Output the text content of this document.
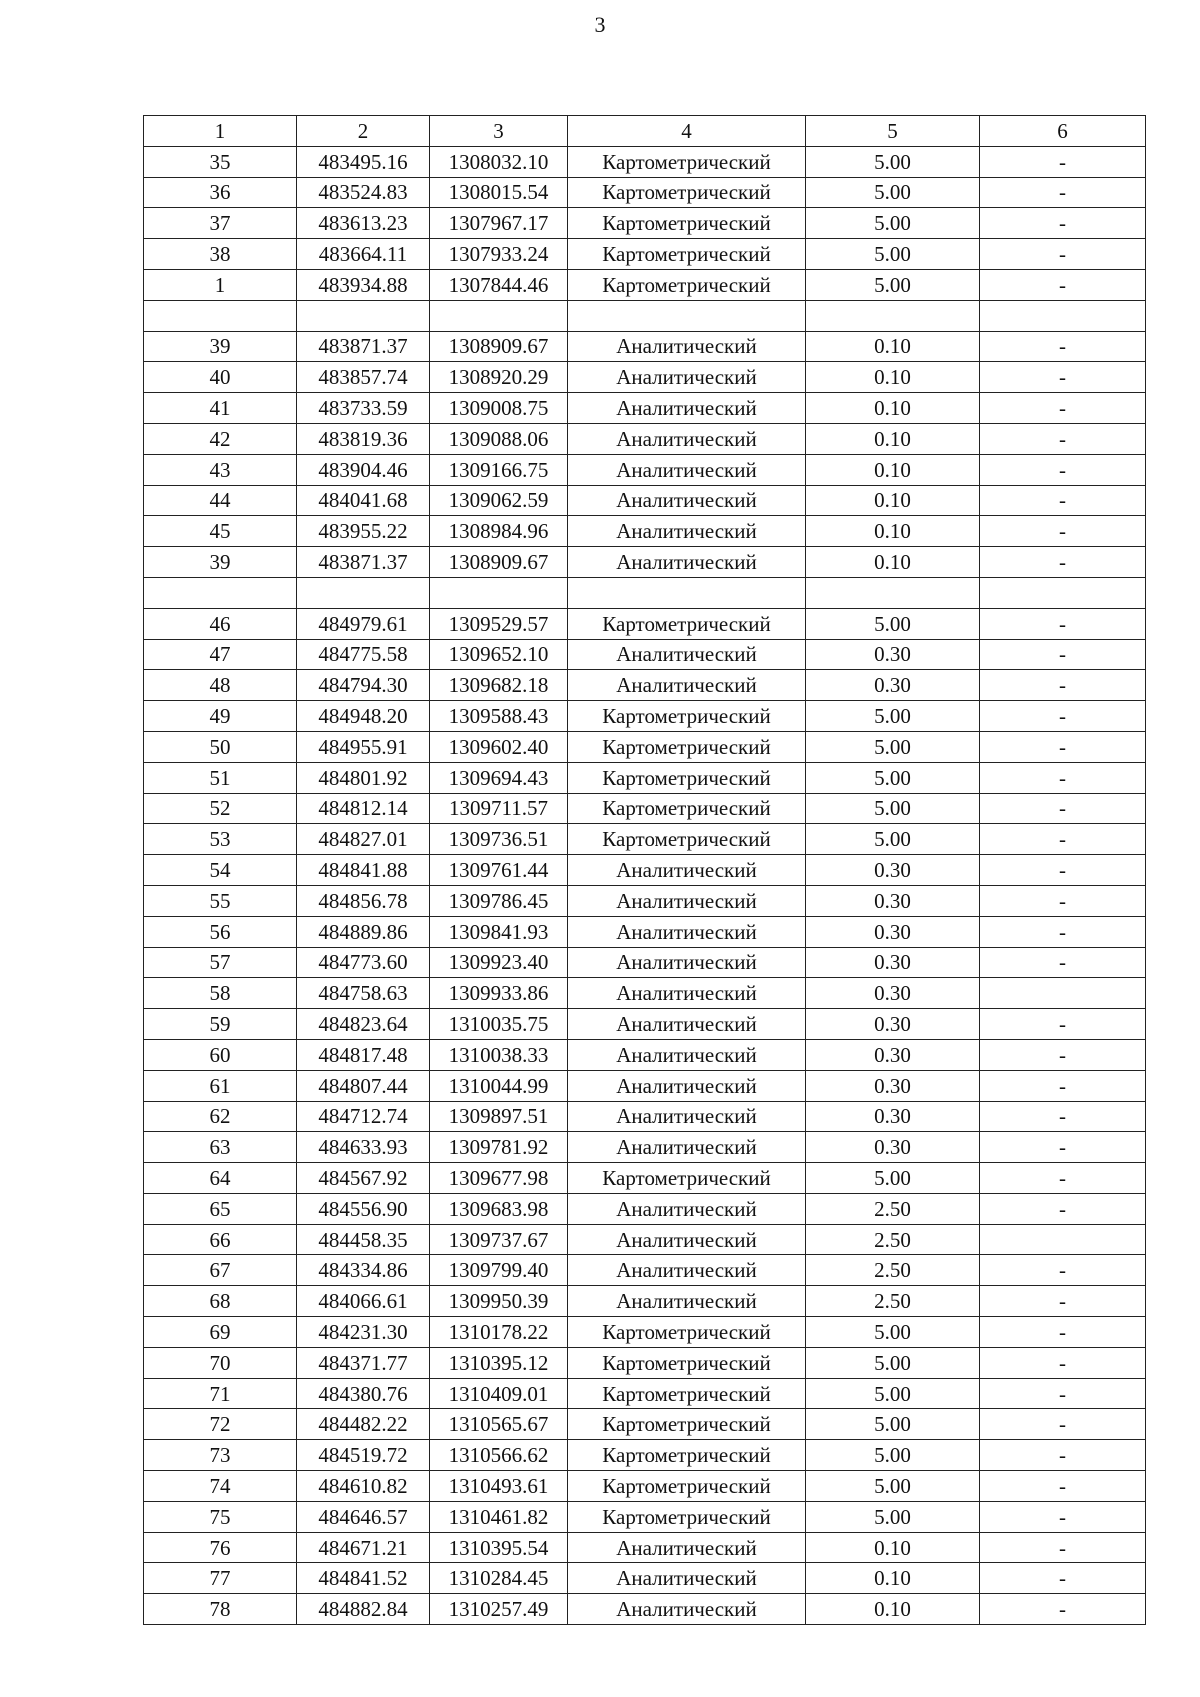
3
1	2	3	4	5	6
35	483495.16	1308032.10	Картометрический	5.00	-
36	483524.83	1308015.54	Картометрический	5.00	-
37	483613.23	1307967.17	Картометрический	5.00	-
38	483664.11	1307933.24	Картометрический	5.00	-
1	483934.88	1307844.46	Картометрический	5.00	-

39	483871.37	1308909.67	Аналитический	0.10	-
40	483857.74	1308920.29	Аналитический	0.10	-
41	483733.59	1309008.75	Аналитический	0.10	-
42	483819.36	1309088.06	Аналитический	0.10	-
43	483904.46	1309166.75	Аналитический	0.10	-
44	484041.68	1309062.59	Аналитический	0.10	-
45	483955.22	1308984.96	Аналитический	0.10	-
39	483871.37	1308909.67	Аналитический	0.10	-

46	484979.61	1309529.57	Картометрический	5.00	-
47	484775.58	1309652.10	Аналитический	0.30	-
48	484794.30	1309682.18	Аналитический	0.30	-
49	484948.20	1309588.43	Картометрический	5.00	-
50	484955.91	1309602.40	Картометрический	5.00	-
51	484801.92	1309694.43	Картометрический	5.00	-
52	484812.14	1309711.57	Картометрический	5.00	-
53	484827.01	1309736.51	Картометрический	5.00	-
54	484841.88	1309761.44	Аналитический	0.30	-
55	484856.78	1309786.45	Аналитический	0.30	-
56	484889.86	1309841.93	Аналитический	0.30	-
57	484773.60	1309923.40	Аналитический	0.30	-
58	484758.63	1309933.86	Аналитический	0.30	
59	484823.64	1310035.75	Аналитический	0.30	-
60	484817.48	1310038.33	Аналитический	0.30	-
61	484807.44	1310044.99	Аналитический	0.30	-
62	484712.74	1309897.51	Аналитический	0.30	-
63	484633.93	1309781.92	Аналитический	0.30	-
64	484567.92	1309677.98	Картометрический	5.00	-
65	484556.90	1309683.98	Аналитический	2.50	-
66	484458.35	1309737.67	Аналитический	2.50	
67	484334.86	1309799.40	Аналитический	2.50	-
68	484066.61	1309950.39	Аналитический	2.50	-
69	484231.30	1310178.22	Картометрический	5.00	-
70	484371.77	1310395.12	Картометрический	5.00	-
71	484380.76	1310409.01	Картометрический	5.00	-
72	484482.22	1310565.67	Картометрический	5.00	-
73	484519.72	1310566.62	Картометрический	5.00	-
74	484610.82	1310493.61	Картометрический	5.00	-
75	484646.57	1310461.82	Картометрический	5.00	-
76	484671.21	1310395.54	Аналитический	0.10	-
77	484841.52	1310284.45	Аналитический	0.10	-
78	484882.84	1310257.49	Аналитический	0.10	-
